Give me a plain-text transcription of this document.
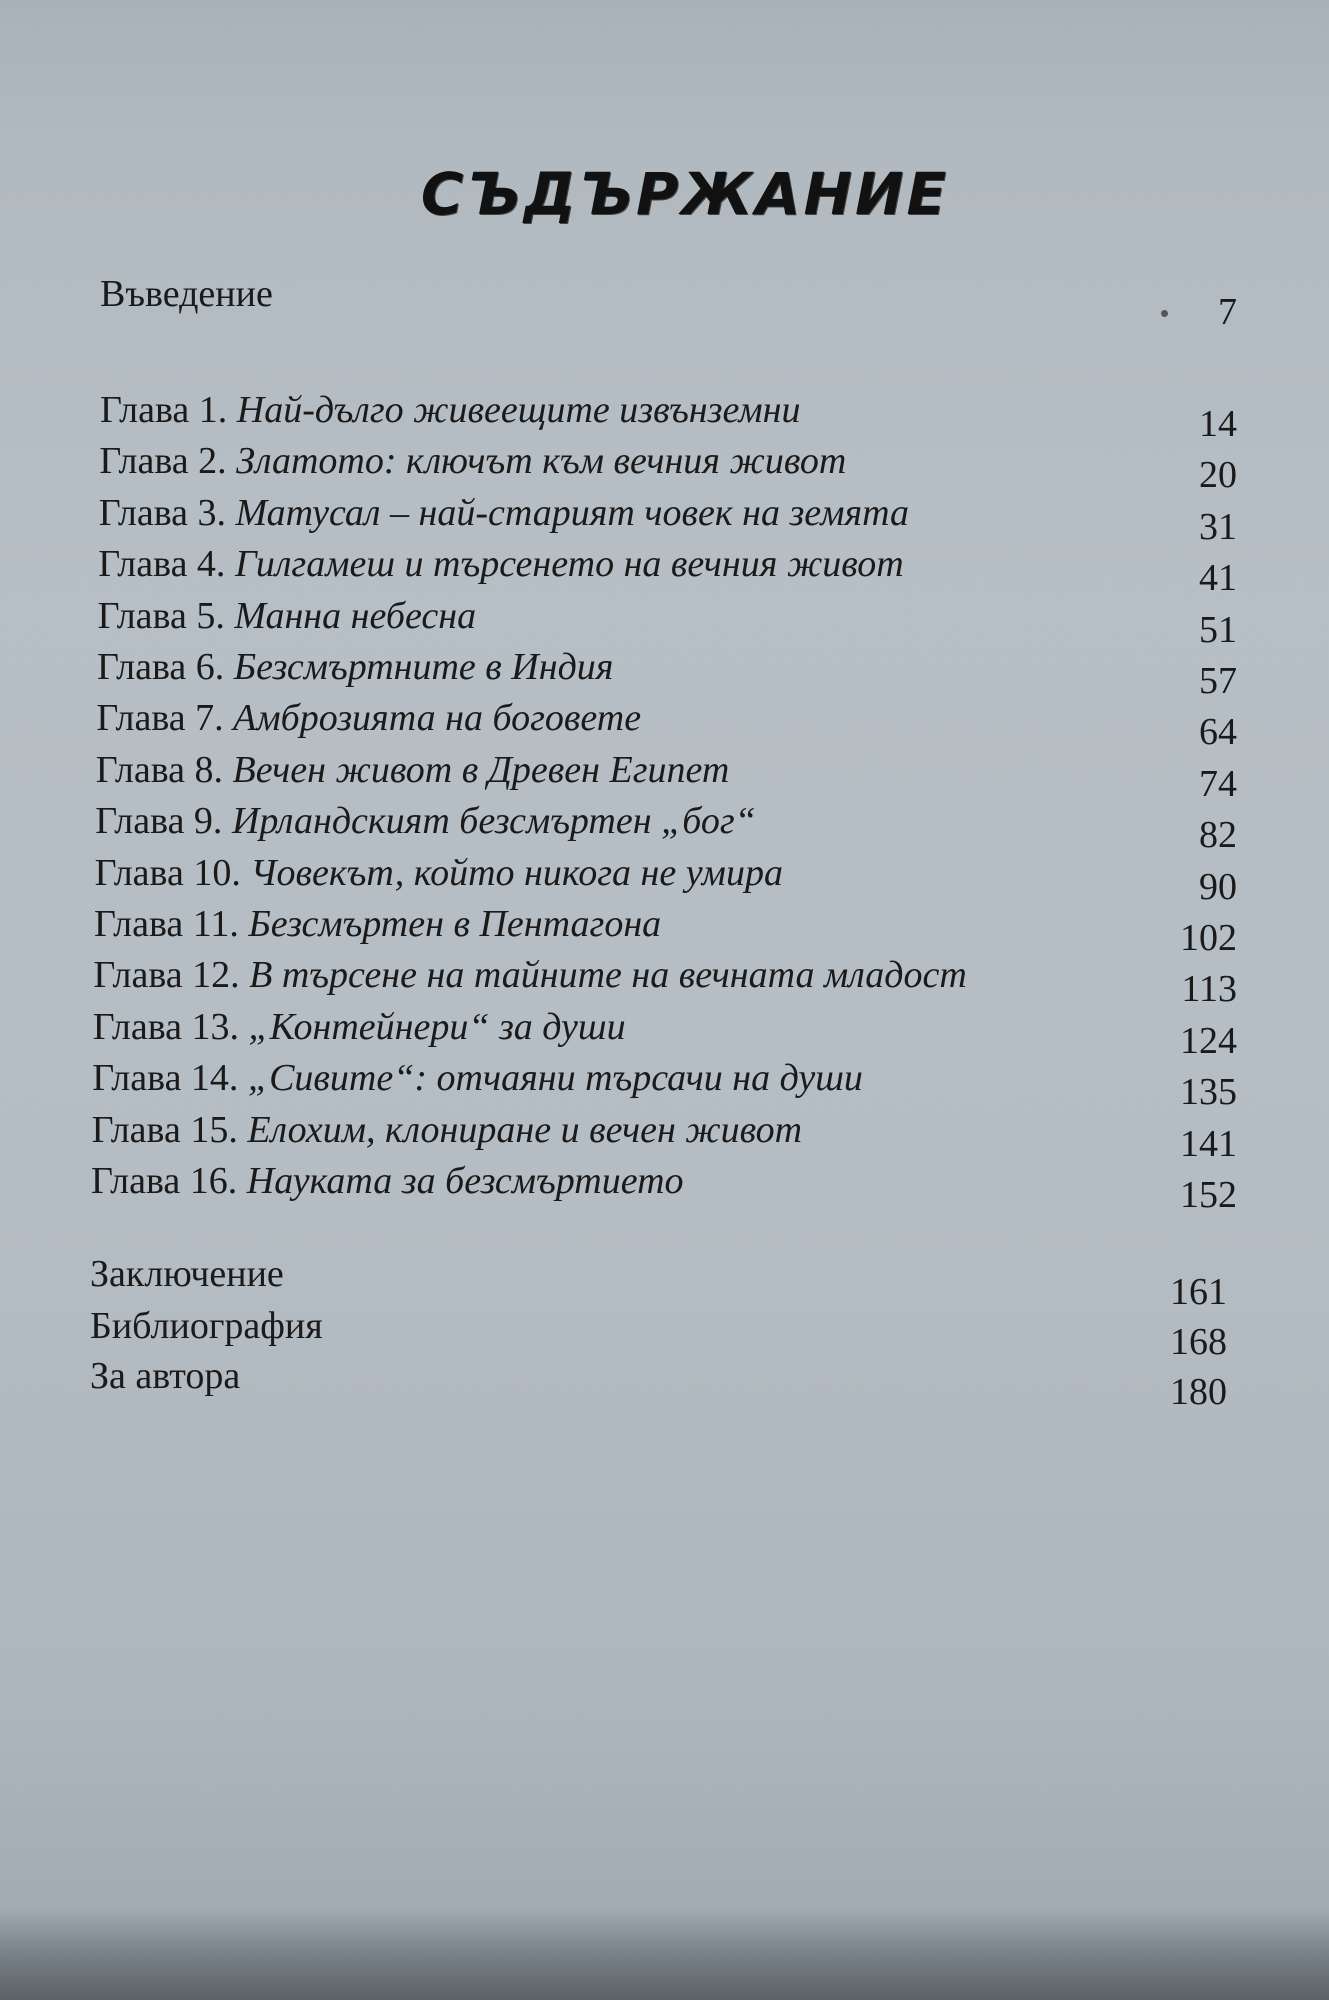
СЪДЪРЖАНИЕ
Въведение	7
Глава 1. Най-дълго живеещите извънземни	14
Глава 2. Златото: ключът към вечния живот	20
Глава 3. Матусал – най-старият човек на земята	31
Глава 4. Гилгамеш и търсенето на вечния живот	41
Глава 5. Манна небесна	51
Глава 6. Безсмъртните в Индия	57
Глава 7. Амброзията на боговете	64
Глава 8. Вечен живот в Древен Египет	74
Глава 9. Ирландският безсмъртен „бог“	82
Глава 10. Човекът, който никога не умира	90
Глава 11. Безсмъртен в Пентагона	102
Глава 12. В търсене на тайните на вечната младост	113
Глава 13. „Контейнери“ за души	124
Глава 14. „Сивите“: отчаяни търсачи на души	135
Глава 15. Елохим, клониране и вечен живот	141
Глава 16. Науката за безсмъртието	152
Заключение	161
Библиография	168
За автора	180
